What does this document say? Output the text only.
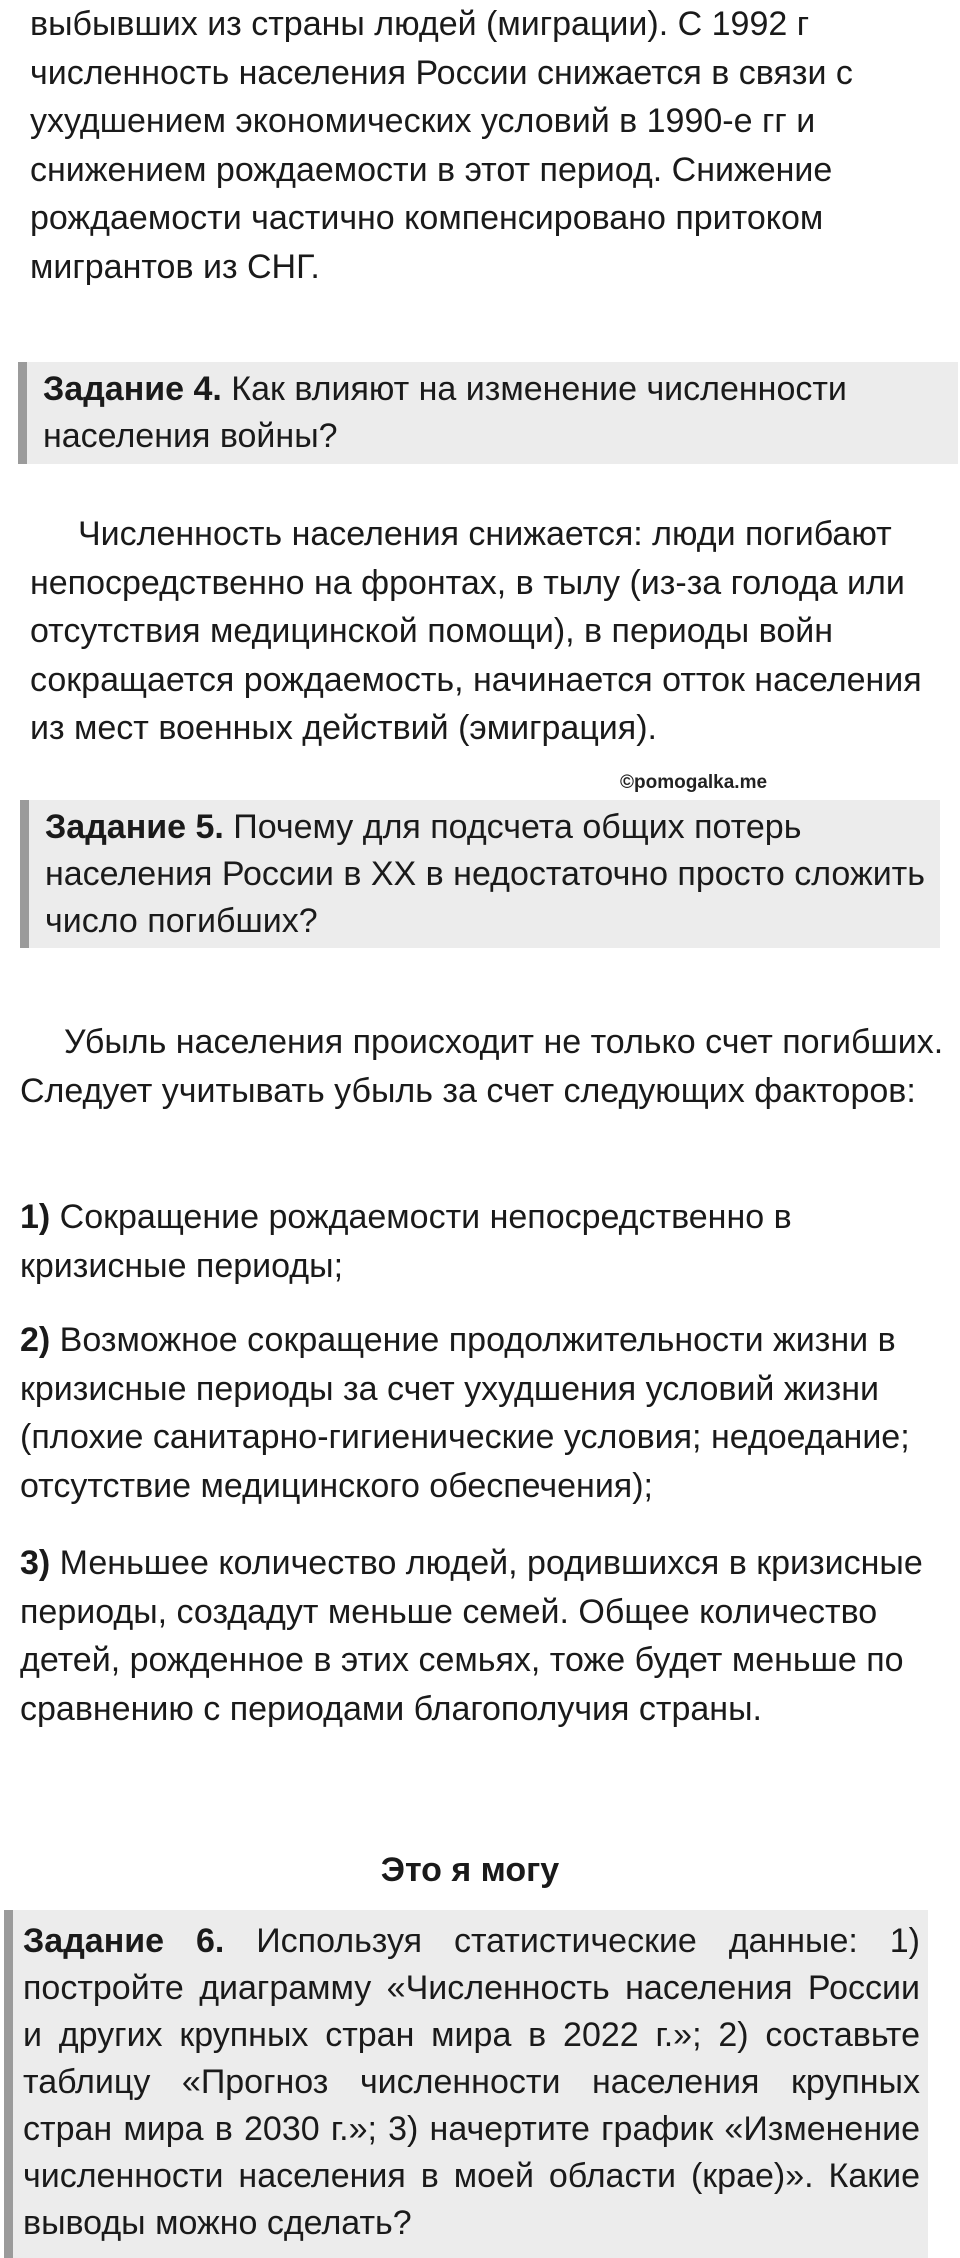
выбывших из страны людей (миграции). С 1992 г численность населения России снижается в связи с ухудшением экономических условий в 1990-е гг и снижением рождаемости в этот период. Снижение рождаемости частично компенсировано притоком мигрантов из СНГ.

Задание 4. Как влияют на изменение численности населения войны?

Численность населения снижается: люди погибают непосредственно на фронтах, в тылу (из-за голода или отсутствия медицинской помощи), в периоды войн сокращается рождаемость, начинается отток населения из мест военных действий (эмиграция).

©pomogalka.me
Задание 5. Почему для подсчета общих потерь населения России в XX в недостаточно просто сложить число погибших?

Убыль населения происходит не только счет погибших. Следует учитывать убыль за счет следующих факторов:

1) Сокращение рождаемости непосредственно в кризисные периоды;

2) Возможное сокращение продолжительности жизни в кризисные периоды за счет ухудшения условий жизни (плохие санитарно-гигиенические условия; недоедание; отсутствие медицинского обеспечения);

3) Меньшее количество людей, родившихся в кризисные периоды, создадут меньше семей. Общее количество детей, рожденное в этих семьях, тоже будет меньше по сравнению с периодами благополучия страны.

Это я могу
Задание 6. Используя статистические данные: 1) постройте диаграмму «Численность населения России и других крупных стран мира в 2022 г.»; 2) составьте таблицу «Прогноз численности населения крупных стран мира в 2030 г.»; 3) начертите график «Изменение численности населения в моей области (крае)». Какие выводы можно сделать?
